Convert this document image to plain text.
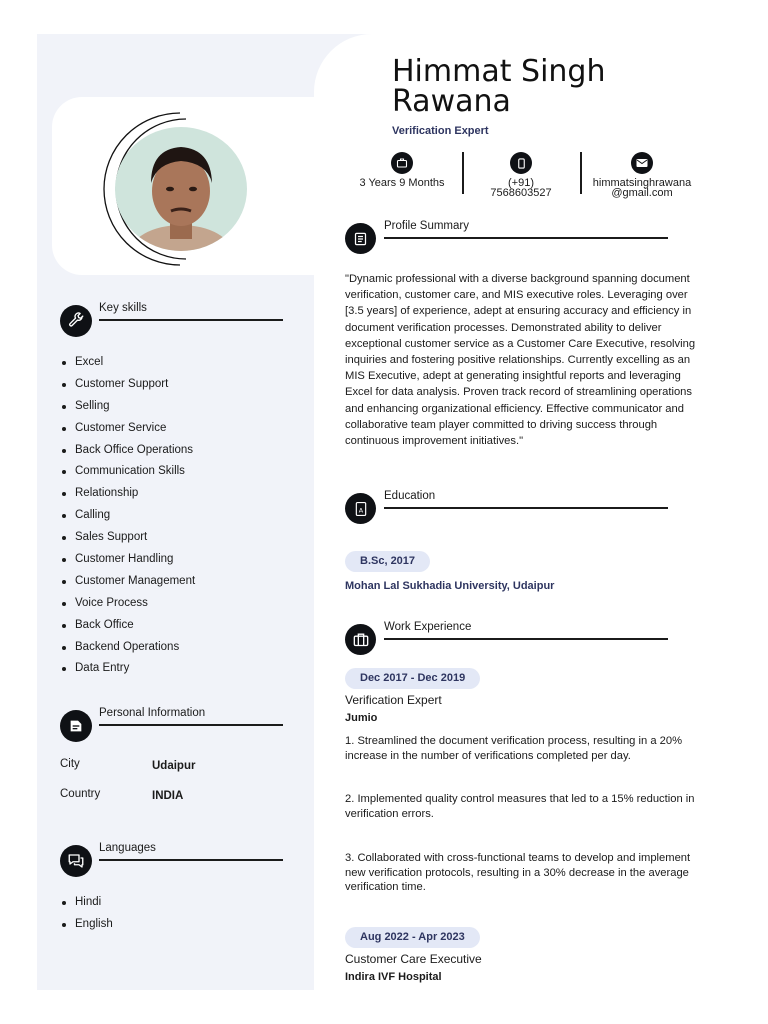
Key skills
Excel
Customer Support
Selling
Customer Service
Back Office Operations
Communication Skills
Relationship
Calling
Sales Support
Customer Handling
Customer Management
Voice Process
Back Office
Backend Operations
Data Entry
Personal Information
City	Udaipur
Country	INDIA
Languages
Hindi
English
Himmat Singh
Rawana
Verification Expert
3 Years 9 Months	(+91)
7568603527
himmatsinghrawana
@gmail.com
Profile Summary
"Dynamic professional with a diverse background spanning document verification, customer care, and MIS executive roles. Leveraging over [3.5 years] of experience, adept at ensuring accuracy and efficiency in document verification processes. Demonstrated ability to deliver exceptional customer service as a Customer Care Executive, resolving inquiries and fostering positive relationships. Currently excelling as an MIS Executive, adept at generating insightful reports and leveraging Excel for data analysis. Proven track record of streamlining operations and enhancing organizational efficiency. Effective communicator and collaborative team player committed to driving success through continuous improvement initiatives."
A
Education
B.Sc, 2017
Mohan Lal Sukhadia University, Udaipur
Work Experience
Dec 2017 - Dec 2019
Verification Expert
Jumio
1. Streamlined the document verification process, resulting in a 20% increase in the number of verifications completed per day.
2. Implemented quality control measures that led to a 15% reduction in verification errors.
3. Collaborated with cross-functional teams to develop and implement new verification protocols, resulting in a 30% decrease in the average verification time.
Aug 2022 - Apr 2023
Customer Care Executive
Indira IVF Hospital
